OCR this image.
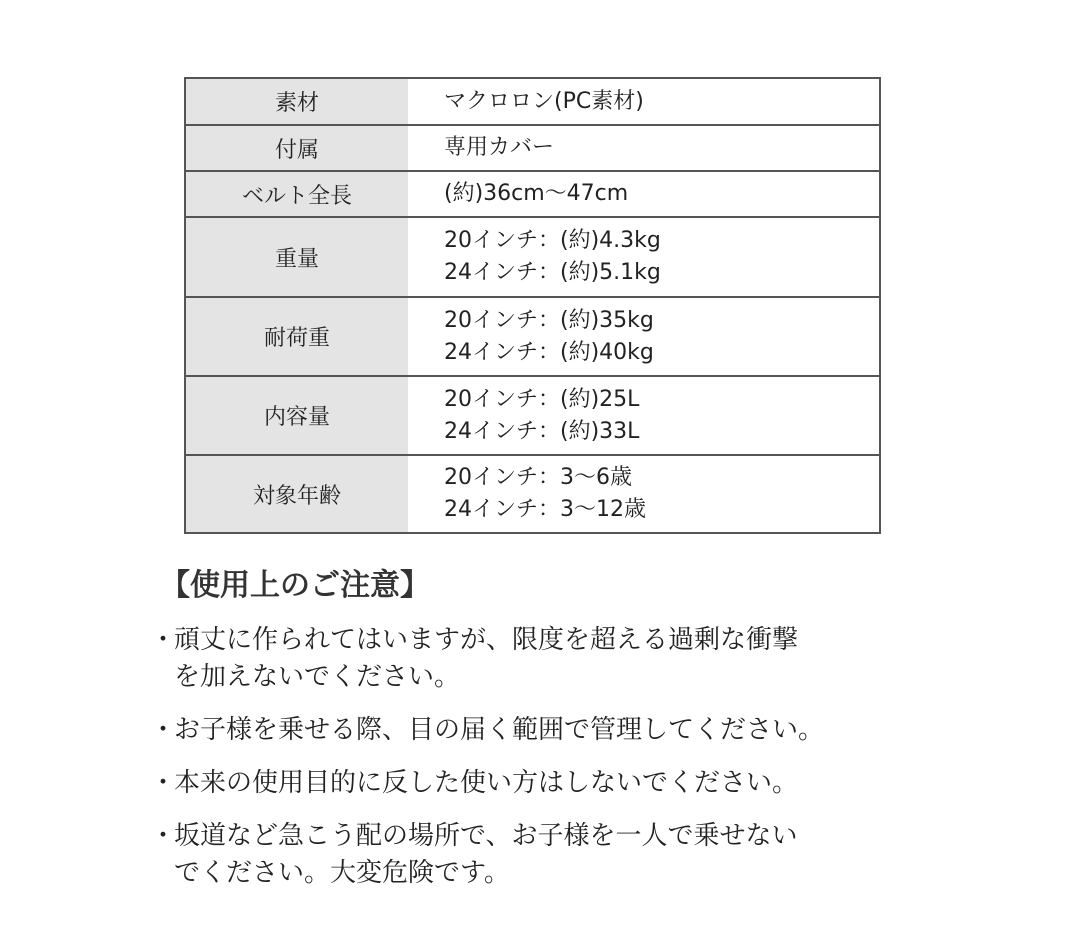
素材	マクロロン(PC素材)

付属	専用カバー

ベルト全長	(約)36cm〜47cm

重量	20インチ：(約)4.3kg
24インチ：(約)5.1kg

耐荷重	20インチ：(約)35kg
24インチ：(約)40kg

内容量	20インチ：(約)25L
24インチ：(約)33L

対象年齢	20インチ：3〜6歳
24インチ：3〜12歳
【使用上のご注意】
・
頑丈に作られてはいますが、限度を超える過剰な衝撃
を加えないでください。
・
お子様を乗せる際、目の届く範囲で管理してください。
・
本来の使用目的に反した使い方はしないでください。
・
坂道など急こう配の場所で、お子様を一人で乗せない
でください。大変危険です。
